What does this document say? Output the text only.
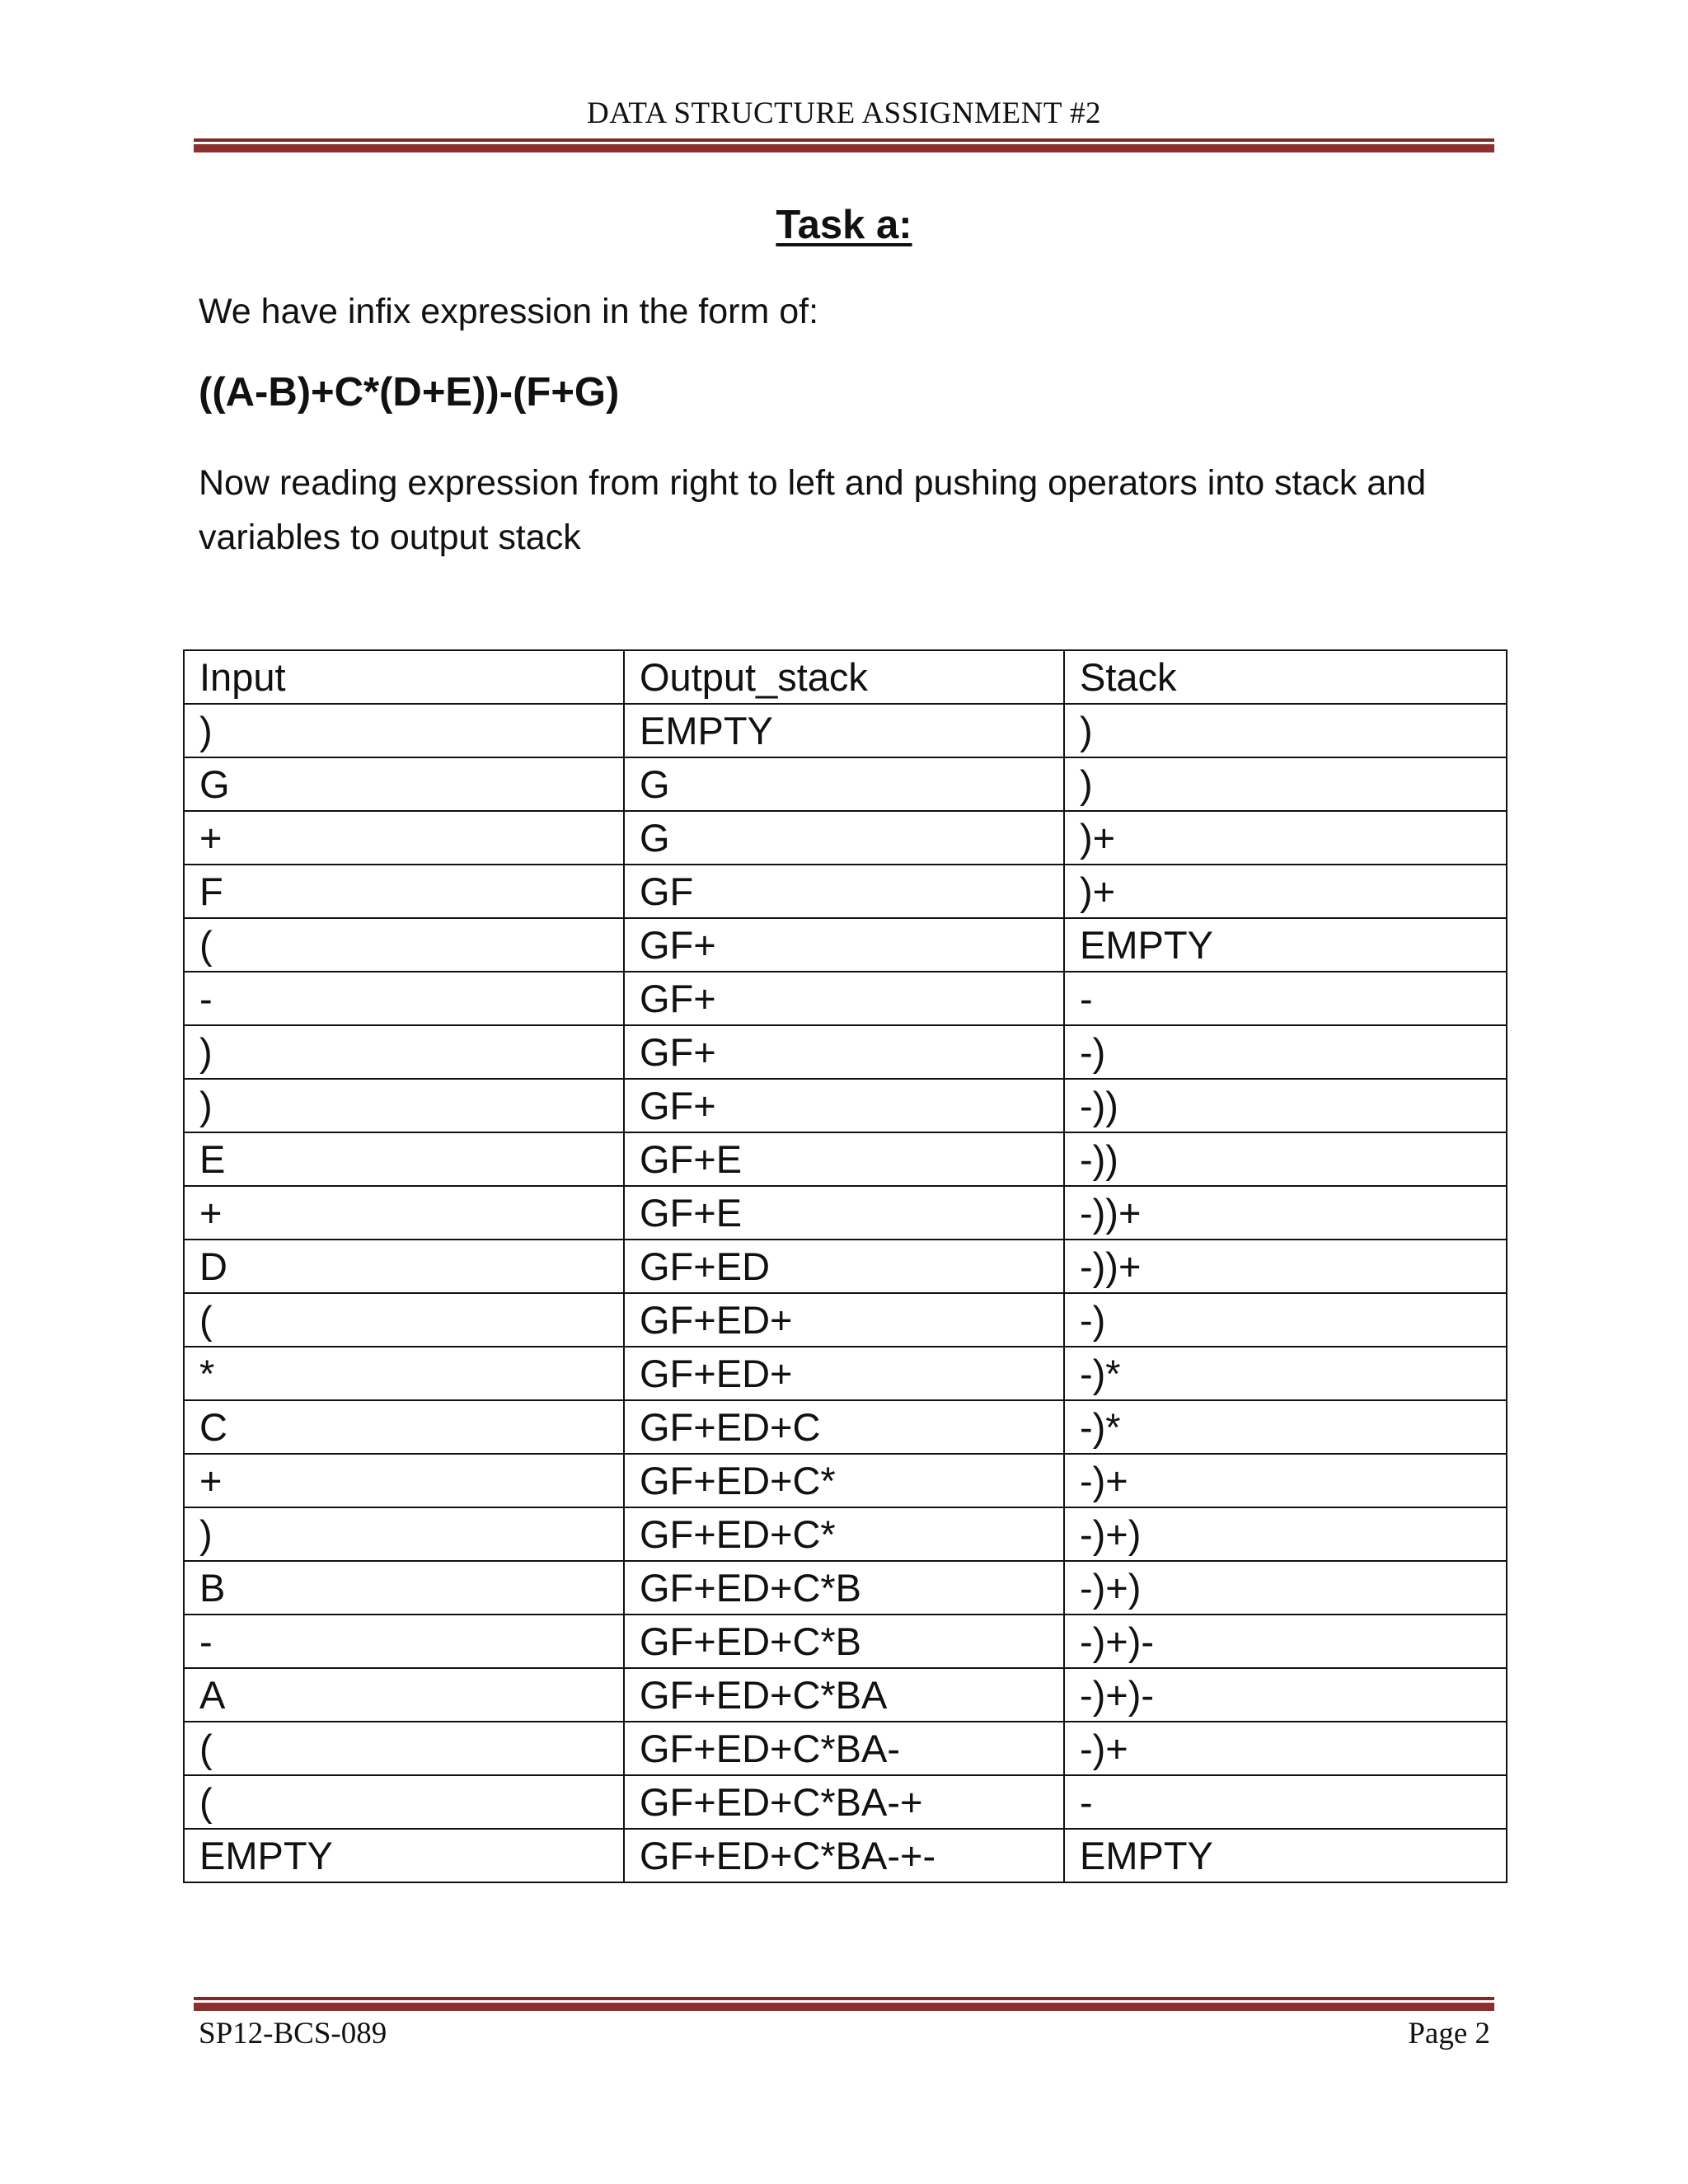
DATA STRUCTURE ASSIGNMENT #2
Task a:
We have infix expression in the form of:
((A-B)+C*(D+E))-(F+G)
Now reading expression from right to left and pushing operators into stack and variables to output stack
Input	Output_stack	Stack
)	EMPTY	)
G	G	)
+	G	)+
F	GF	)+
(	GF+	EMPTY
-	GF+	-
)	GF+	-)
)	GF+	-))
E	GF+E	-))
+	GF+E	-))+
D	GF+ED	-))+
(	GF+ED+	-)
*	GF+ED+	-)*
C	GF+ED+C	-)*
+	GF+ED+C*	-)+
)	GF+ED+C*	-)+)
B	GF+ED+C*B	-)+)
-	GF+ED+C*B	-)+)-
A	GF+ED+C*BA	-)+)-
(	GF+ED+C*BA-	-)+
(	GF+ED+C*BA-+	-
EMPTY	GF+ED+C*BA-+-	EMPTY
SP12-BCS-089	Page 2
